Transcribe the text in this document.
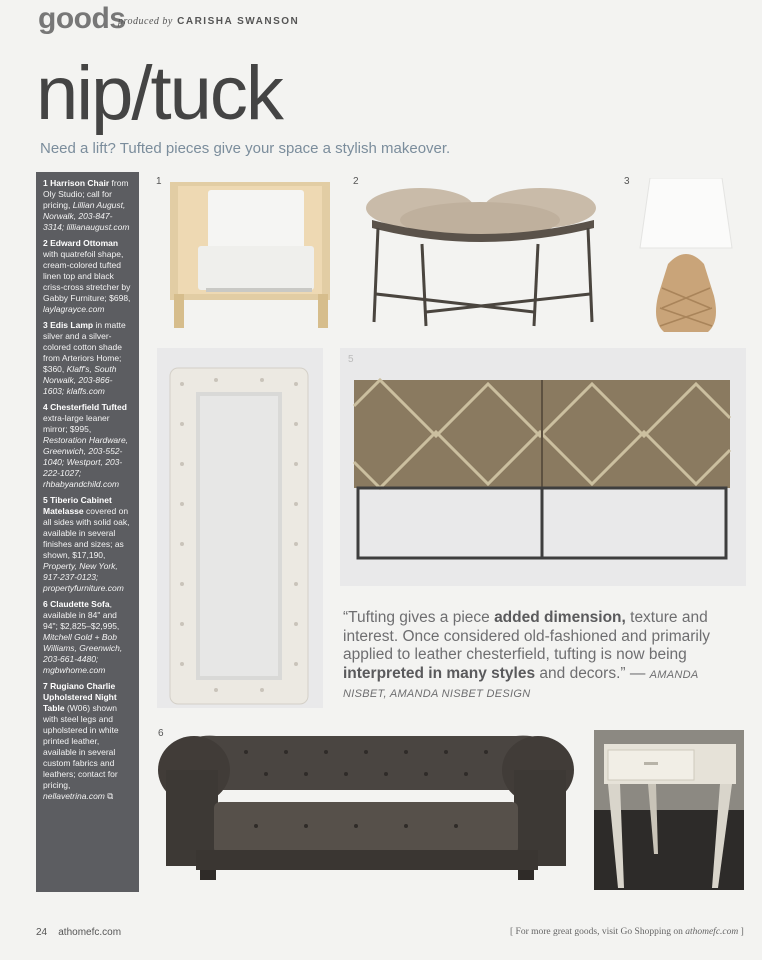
goods
produced by CARISHA SWANSON
nip/tuck
Need a lift? Tufted pieces give your space a stylish makeover.
1 Harrison Chair from Oly Studio; call for pricing, Lillian August, Norwalk, 203-847-3314; lillianaugust.com
2 Edward Ottoman with quatrefoil shape, cream-colored tufted linen top and black criss-cross stretcher by Gabby Furniture; $698, laylagrayce.com
3 Edis Lamp in matte silver and a silver-colored cotton shade from Arteriors Home; $360, Klaff's, South Norwalk, 203-866-1603; klaffs.com
4 Chesterfield Tufted extra-large leaner mirror; $995, Restoration Hardware, Greenwich, 203-552-1040; Westport, 203-222-1027; rhbabyandchild.com
5 Tiberio Cabinet Matelasse covered on all sides with solid oak, available in several finishes and sizes; as shown, $17,190, Property, New York, 917-237-0123; propertyfurniture.com
6 Claudette Sofa, available in 84" and 94"; $2,825–$2,995, Mitchell Gold + Bob Williams, Greenwich, 203-661-4480; mgbwhome.com
7 Rugiano Charlie Upholstered Night Table (W06) shown with steel legs and upholstered in white printed leather, available in several custom fabrics and leathers; contact for pricing, nellavetrina.com ⧉
1	2	3
5
“Tufting gives a piece added dimension, texture and interest. Once considered old-fashioned and primarily applied to leather chesterfield, tufting is now being interpreted in many styles and decors.” — AMANDA NISBET, AMANDA NISBET DESIGN
6
24 athomefc.com	[ For more great goods, visit Go Shopping on athomefc.com ]
